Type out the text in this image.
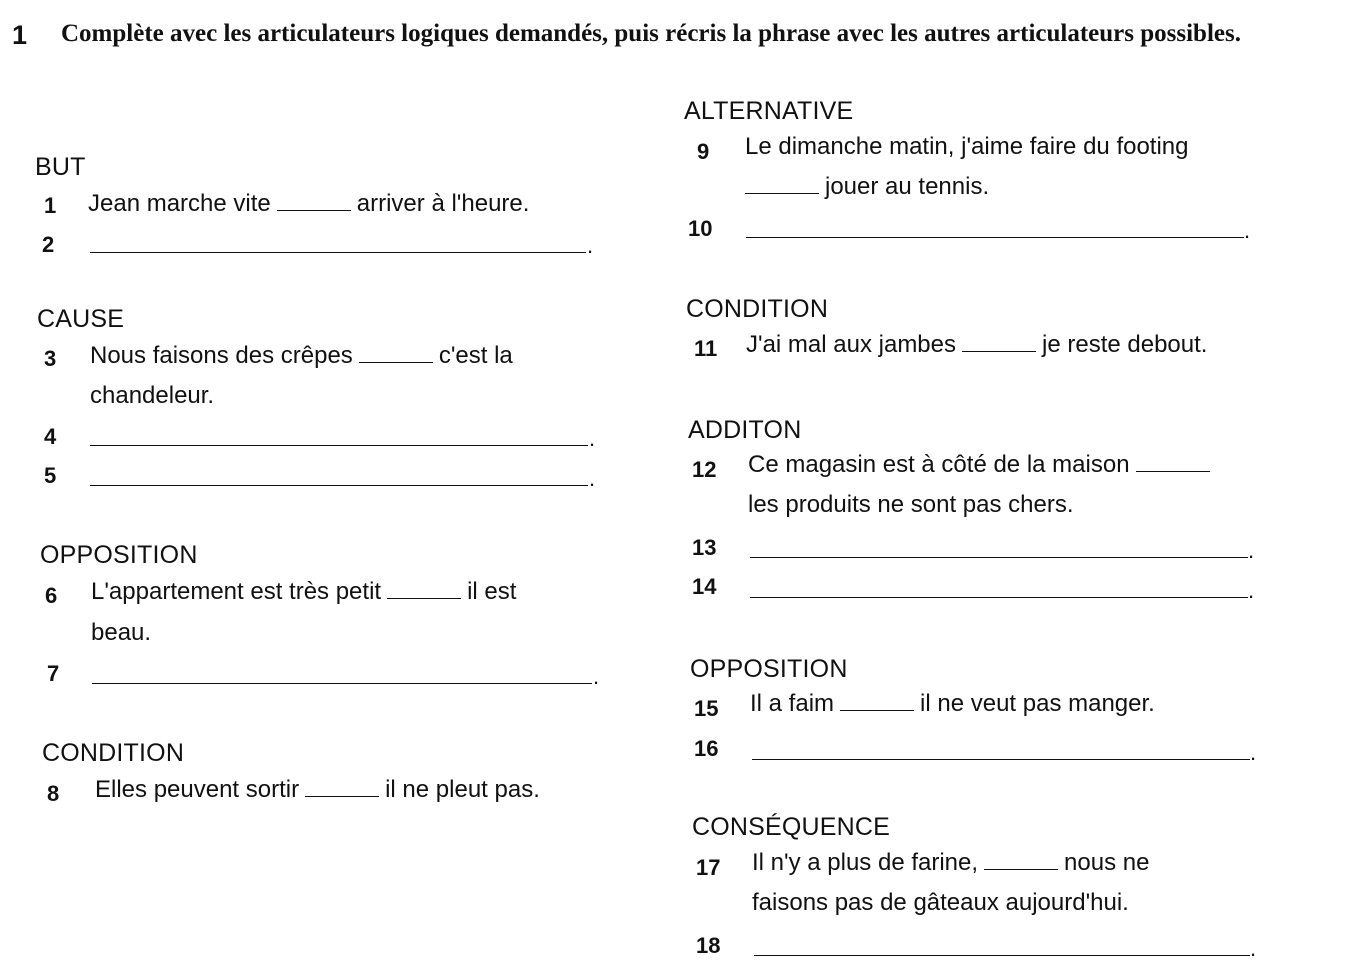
1 Complète avec les articulateurs logiques demandés, puis récris la phrase avec les autres articulateurs possibles.
BUT
1 Jean marche vite	arriver à l'heure.
2	.
CAUSE
3 Nous faisons des crêpes	c'est la
chandeleur.
4	.
5	.
OPPOSITION
6 L'appartement est très petit	il est
beau.
7	.
CONDITION
8 Elles peuvent sortir	il ne pleut pas.
ALTERNATIVE
9 Le dimanche matin, j'aime faire du footing
jouer au tennis.
10	.
CONDITION
11 J'ai mal aux jambes	je reste debout.
ADDITON
12 Ce magasin est à côté de la maison
les produits ne sont pas chers.
13	.
14	.
OPPOSITION
15 Il a faim	il ne veut pas manger.
16	.
CONSÉQUENCE
17 Il n'y a plus de farine,	nous ne
faisons pas de gâteaux aujourd'hui.
18	.
